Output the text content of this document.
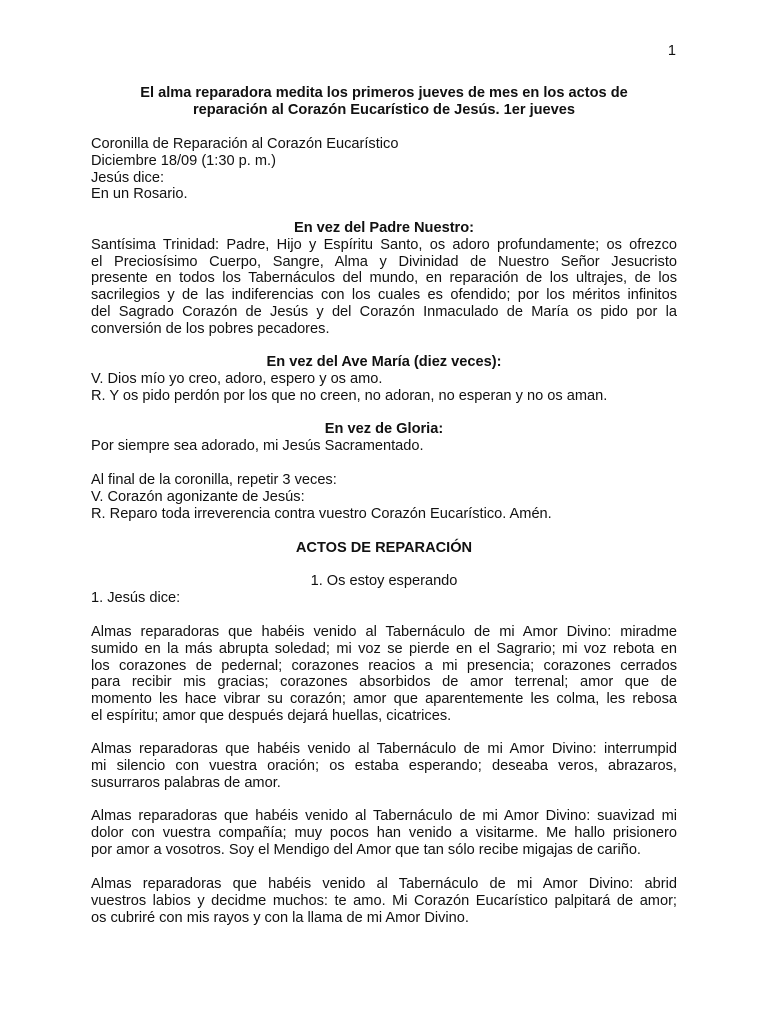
1
El alma reparadora medita los primeros jueves de mes en los actos de
reparación al Corazón Eucarístico de Jesús. 1er jueves
Coronilla de Reparación al Corazón Eucarístico
Diciembre 18/09 (1:30 p. m.)
Jesús dice:
En un Rosario.
En vez del Padre Nuestro:
Santísima Trinidad: Padre, Hijo y Espíritu Santo, os adoro profundamente; os ofrezco
el Preciosísimo Cuerpo, Sangre, Alma y Divinidad de Nuestro Señor Jesucristo
presente en todos los Tabernáculos del mundo, en reparación de los ultrajes, de los
sacrilegios y de las indiferencias con los cuales es ofendido; por los méritos infinitos
del Sagrado Corazón de Jesús y del Corazón Inmaculado de María os pido por la
conversión de los pobres pecadores.
En vez del Ave María (diez veces):
V. Dios mío yo creo, adoro, espero y os amo.
R. Y os pido perdón por los que no creen, no adoran, no esperan y no os aman.
En vez de Gloria:
Por siempre sea adorado, mi Jesús Sacramentado.
Al final de la coronilla, repetir 3 veces:
V. Corazón agonizante de Jesús:
R. Reparo toda irreverencia contra vuestro Corazón Eucarístico. Amén.
ACTOS DE REPARACIÓN
1. Os estoy esperando
1. Jesús dice:
Almas reparadoras que habéis venido al Tabernáculo de mi Amor Divino: miradme
sumido en la más abrupta soledad; mi voz se pierde en el Sagrario; mi voz rebota en
los corazones de pedernal; corazones reacios a mi presencia; corazones cerrados
para recibir mis gracias; corazones absorbidos de amor terrenal; amor que de
momento les hace vibrar su corazón; amor que aparentemente les colma, les rebosa
el espíritu; amor que después dejará huellas, cicatrices.
Almas reparadoras que habéis venido al Tabernáculo de mi Amor Divino: interrumpid
mi silencio con vuestra oración; os estaba esperando; deseaba veros, abrazaros,
susurraros palabras de amor.
Almas reparadoras que habéis venido al Tabernáculo de mi Amor Divino: suavizad mi
dolor con vuestra compañía; muy pocos han venido a visitarme. Me hallo prisionero
por amor a vosotros. Soy el Mendigo del Amor que tan sólo recibe migajas de cariño.
Almas reparadoras que habéis venido al Tabernáculo de mi Amor Divino: abrid
vuestros labios y decidme muchos: te amo. Mi Corazón Eucarístico palpitará de amor;
os cubriré con mis rayos y con la llama de mi Amor Divino.
